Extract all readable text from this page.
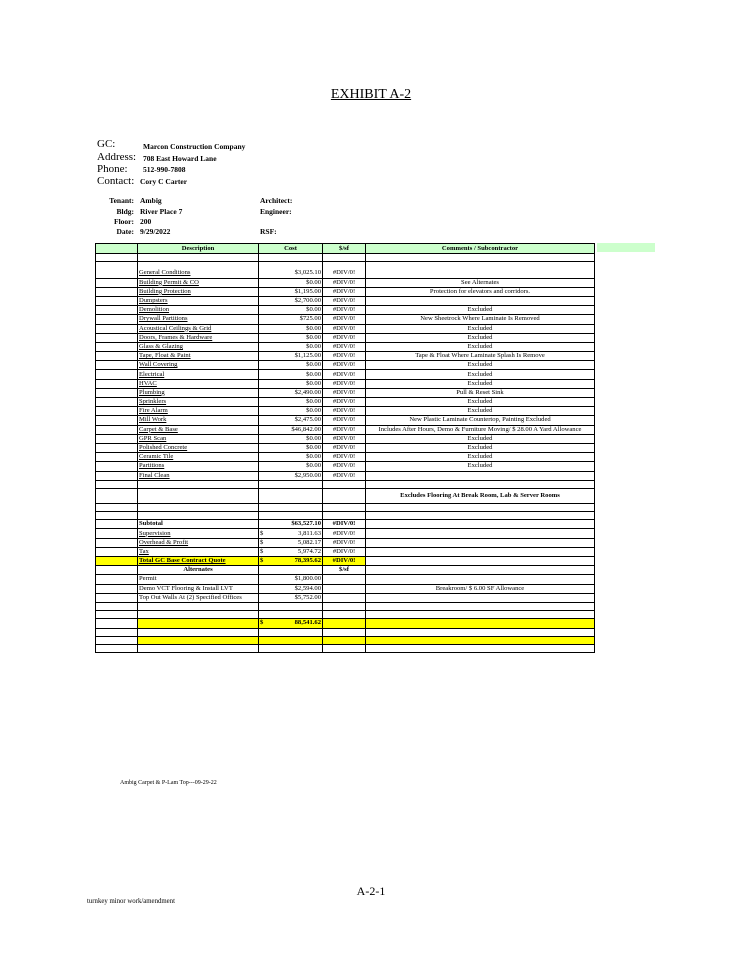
EXHIBIT A-2
GC:	Marcon Construction Company
Address: 708 East Howard Lane
Phone: 512-990-7808
Contact: Cory C Carter
Tenant: Ambig
Bldg: River Place 7
Floor: 200
Date: 9/29/2022
Architect:
Engineer:
RSF:
	Description	Cost	$/sf	Comments / Subcontractor

	General Conditions	$3,025.10	#DIV/0!	
	Building Permit & CO	$0.00	#DIV/0!	See Alternates
	Building Protection	$1,195.00	#DIV/0!	Protection for elevators and corridors.
	Dumpsters	$2,700.00	#DIV/0!	
	Demolition	$0.00	#DIV/0!	Excluded
	Drywall Partitions	$725.00	#DIV/0!	New Sheetrock Where Laminate Is Removed
	Acoustical Ceilings & Grid	$0.00	#DIV/0!	Excluded
	Doors, Frames & Hardware	$0.00	#DIV/0!	Excluded
	Glass & Glazing	$0.00	#DIV/0!	Excluded
	Tape, Float & Paint	$1,125.00	#DIV/0!	Tape & Float Where Laminate Splash Is Remove
	Wall Covering	$0.00	#DIV/0!	Excluded
	Electrical	$0.00	#DIV/0!	Excluded
	HVAC	$0.00	#DIV/0!	Excluded
	Plumbing	$2,490.00	#DIV/0!	Pull & Reset Sink
	Sprinklers	$0.00	#DIV/0!	Excluded
	Fire Alarm	$0.00	#DIV/0!	Excluded
	Mill Work	$2,475.00	#DIV/0!	New Plastic Laminate Countertop, Painting Excluded
	Carpet & Base	$46,842.00	#DIV/0!	Includes After Hours, Demo & Furniture Moving/ $ 28.00 A Yard Allowance
	GPR Scan	$0.00	#DIV/0!	Excluded
	Polished Concrete	$0.00	#DIV/0!	Excluded
	Ceramic Tile	$0.00	#DIV/0!	Excluded
	Partitions	$0.00	#DIV/0!	Excluded
	Final Clean	$2,950.00	#DIV/0!	

				Excludes Flooring At Break Room, Lab & Server Rooms

	Subtotal	$63,527.10	#DIV/0!	
	Supervision	$ 3,811.63	#DIV/0!	
	Overhead & Profit	$ 5,082.17	#DIV/0!	
	Tax	$ 5,974.72	#DIV/0!	
	Total GC Base Contract Quote	$ 78,395.62	#DIV/0!	
	Alternates		$/sf	
	Permit	$1,800.00		
	Demo VCT Flooring & Install LVT	$2,594.00		Breakroom/ $ 6.00 SF Allowance
	Top Out Walls At (2) Specified Offices	$5,752.00		

		$ 88,541.62		

Ambig Carpet & P-Lam Top---09-29-22
A-2-1
turnkey minor work/amendment
